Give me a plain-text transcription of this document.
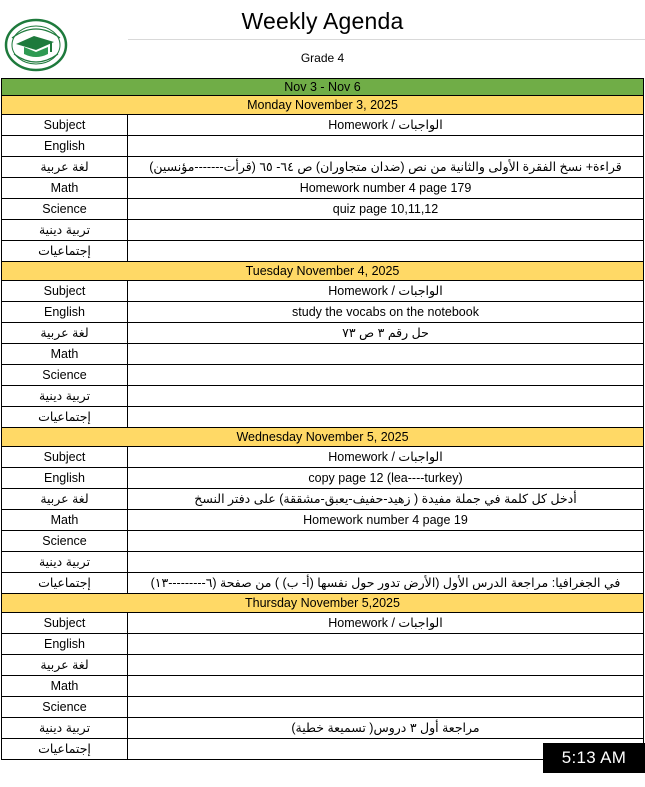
Weekly Agenda
Grade 4
Nov 3 - Nov 6
Monday November 3, 2025
Subject	Homework / الواجبات
English
لغة عربية	قراءة+ نسخ الفقرة الأولى والثانية من نص (ضدان متجاوران) ص ٦٤- ٦٥ (قرأت-------مؤنسين)
Math	Homework number 4 page 179
Science	quiz page 10,11,12
تربية دينية
إجتماعيات
Tuesday November 4, 2025
Subject	Homework / الواجبات
English	study the vocabs on the notebook
لغة عربية	حل رقم ٣ ص ٧٣
Math
Science
تربية دينية
إجتماعيات
Wednesday November 5, 2025
Subject	Homework / الواجبات
English	copy page 12 (lea----turkey)
لغة عربية	أدخل كل كلمة في جملة مفيدة ( زهيد-حفيف-يعبق-مشققة) على دفتر النسخ
Math	Homework number 4 page 19
Science
تربية دينية
إجتماعيات	في الجغرافيا: مراجعة الدرس الأول (الأرض تدور حول نفسها (أ- ب) ) من صفحة (٦---------١٣)
Thursday November 5,2025
Subject	Homework / الواجبات
English
لغة عربية
Math
Science
تربية دينية	مراجعة أول ٣ دروس( تسميعة خطية)
إجتماعيات	5:13 AM
